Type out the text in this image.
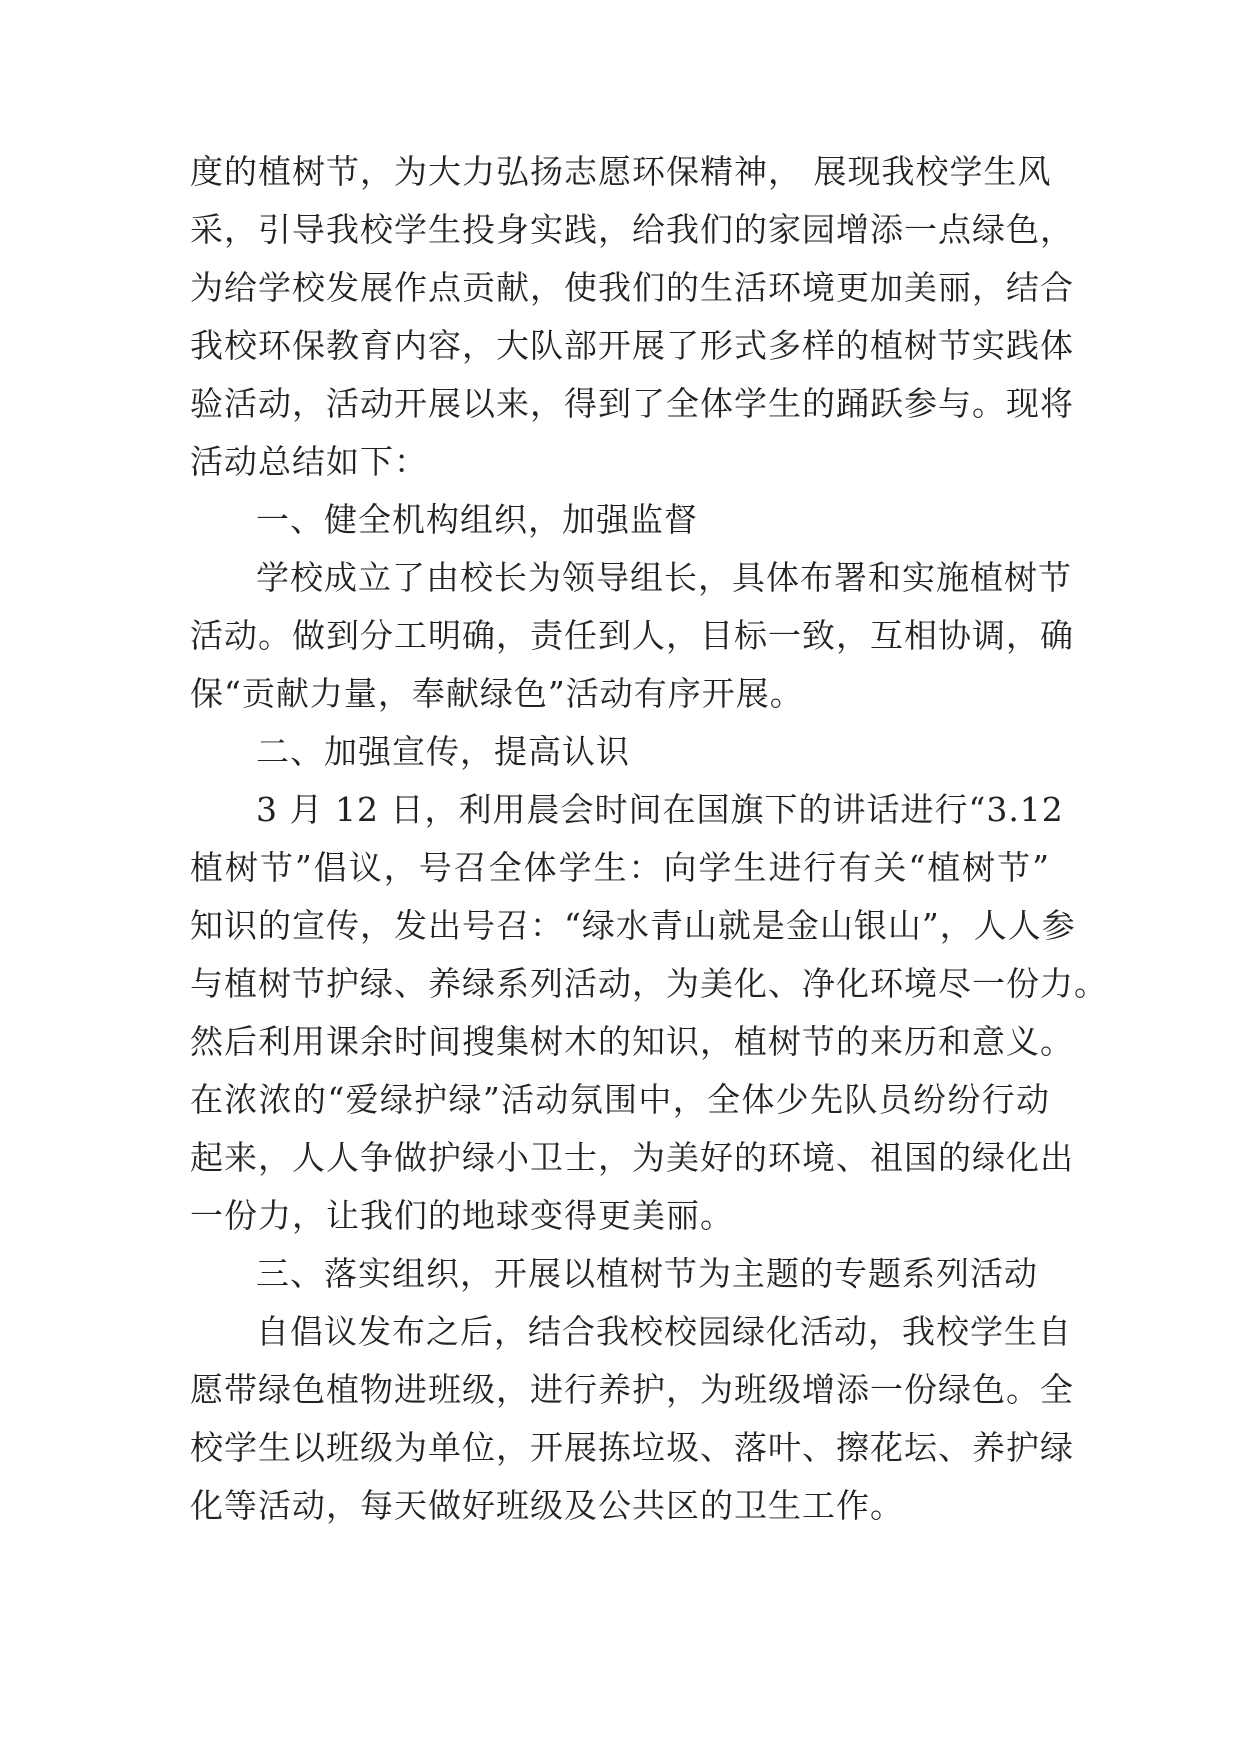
度的植树节，为大力弘扬志愿环保精神， 展现我校学生风
采，引导我校学生投身实践，给我们的家园增添一点绿色，
为给学校发展作点贡献，使我们的生活环境更加美丽，结合
我校环保教育内容，大队部开展了形式多样的植树节实践体
验活动，活动开展以来，得到了全体学生的踊跃参与。现将
活动总结如下：
一、健全机构组织，加强监督
学校成立了由校长为领导组长，具体布署和实施植树节
活动。做到分工明确，责任到人，目标一致，互相协调，确
保“贡献力量，奉献绿色”活动有序开展。
二、加强宣传，提高认识
3 月 12 日，利用晨会时间在国旗下的讲话进行“3.12
植树节”倡议，号召全体学生：向学生进行有关“植树节”
知识的宣传，发出号召：“绿水青山就是金山银山”，人人参
与植树节护绿、养绿系列活动，为美化、净化环境尽一份力。
然后利用课余时间搜集树木的知识，植树节的来历和意义。
在浓浓的“爱绿护绿”活动氛围中，全体少先队员纷纷行动
起来，人人争做护绿小卫士，为美好的环境、祖国的绿化出
一份力，让我们的地球变得更美丽。
三、落实组织，开展以植树节为主题的专题系列活动
自倡议发布之后，结合我校校园绿化活动，我校学生自
愿带绿色植物进班级，进行养护，为班级增添一份绿色。全
校学生以班级为单位，开展拣垃圾、落叶、擦花坛、养护绿
化等活动，每天做好班级及公共区的卫生工作。
